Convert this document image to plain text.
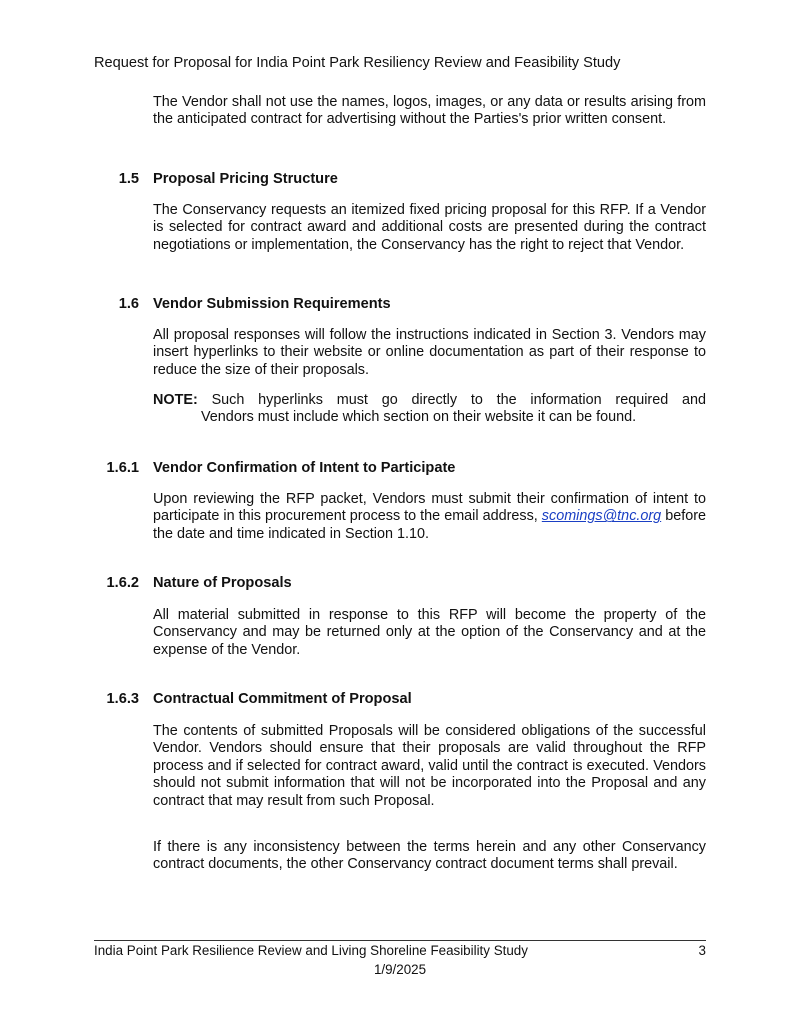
Request for Proposal for India Point Park Resiliency Review and Feasibility Study

The Vendor shall not use the names, logos, images, or any data or results arising from the anticipated contract for advertising without the Parties's prior written consent.

1.5 Proposal Pricing Structure

The Conservancy requests an itemized fixed pricing proposal for this RFP. If a Vendor is selected for contract award and additional costs are presented during the contract negotiations or implementation, the Conservancy has the right to reject that Vendor.

1.6 Vendor Submission Requirements

All proposal responses will follow the instructions indicated in Section 3. Vendors may insert hyperlinks to their website or online documentation as part of their response to reduce the size of their proposals.

NOTE: Such hyperlinks must go directly to the information required and
Vendors must include which section on their website it can be found.
1.6.1 Vendor Confirmation of Intent to Participate

Upon reviewing the RFP packet, Vendors must submit their confirmation of intent to participate in this procurement process to the email address, scomings@tnc.org before the date and time indicated in Section 1.10.

1.6.2 Nature of Proposals

All material submitted in response to this RFP will become the property of the Conservancy and may be returned only at the option of the Conservancy and at the expense of the Vendor.

1.6.3 Contractual Commitment of Proposal

The contents of submitted Proposals will be considered obligations of the successful Vendor. Vendors should ensure that their proposals are valid throughout the RFP process and if selected for contract award, valid until the contract is executed. Vendors should not submit information that will not be incorporated into the Proposal and any contract that may result from such Proposal.

If there is any inconsistency between the terms herein and any other Conservancy contract documents, the other Conservancy contract document terms shall prevail.

India Point Park Resilience Review and Living Shoreline Feasibility Study	3
1/9/2025
